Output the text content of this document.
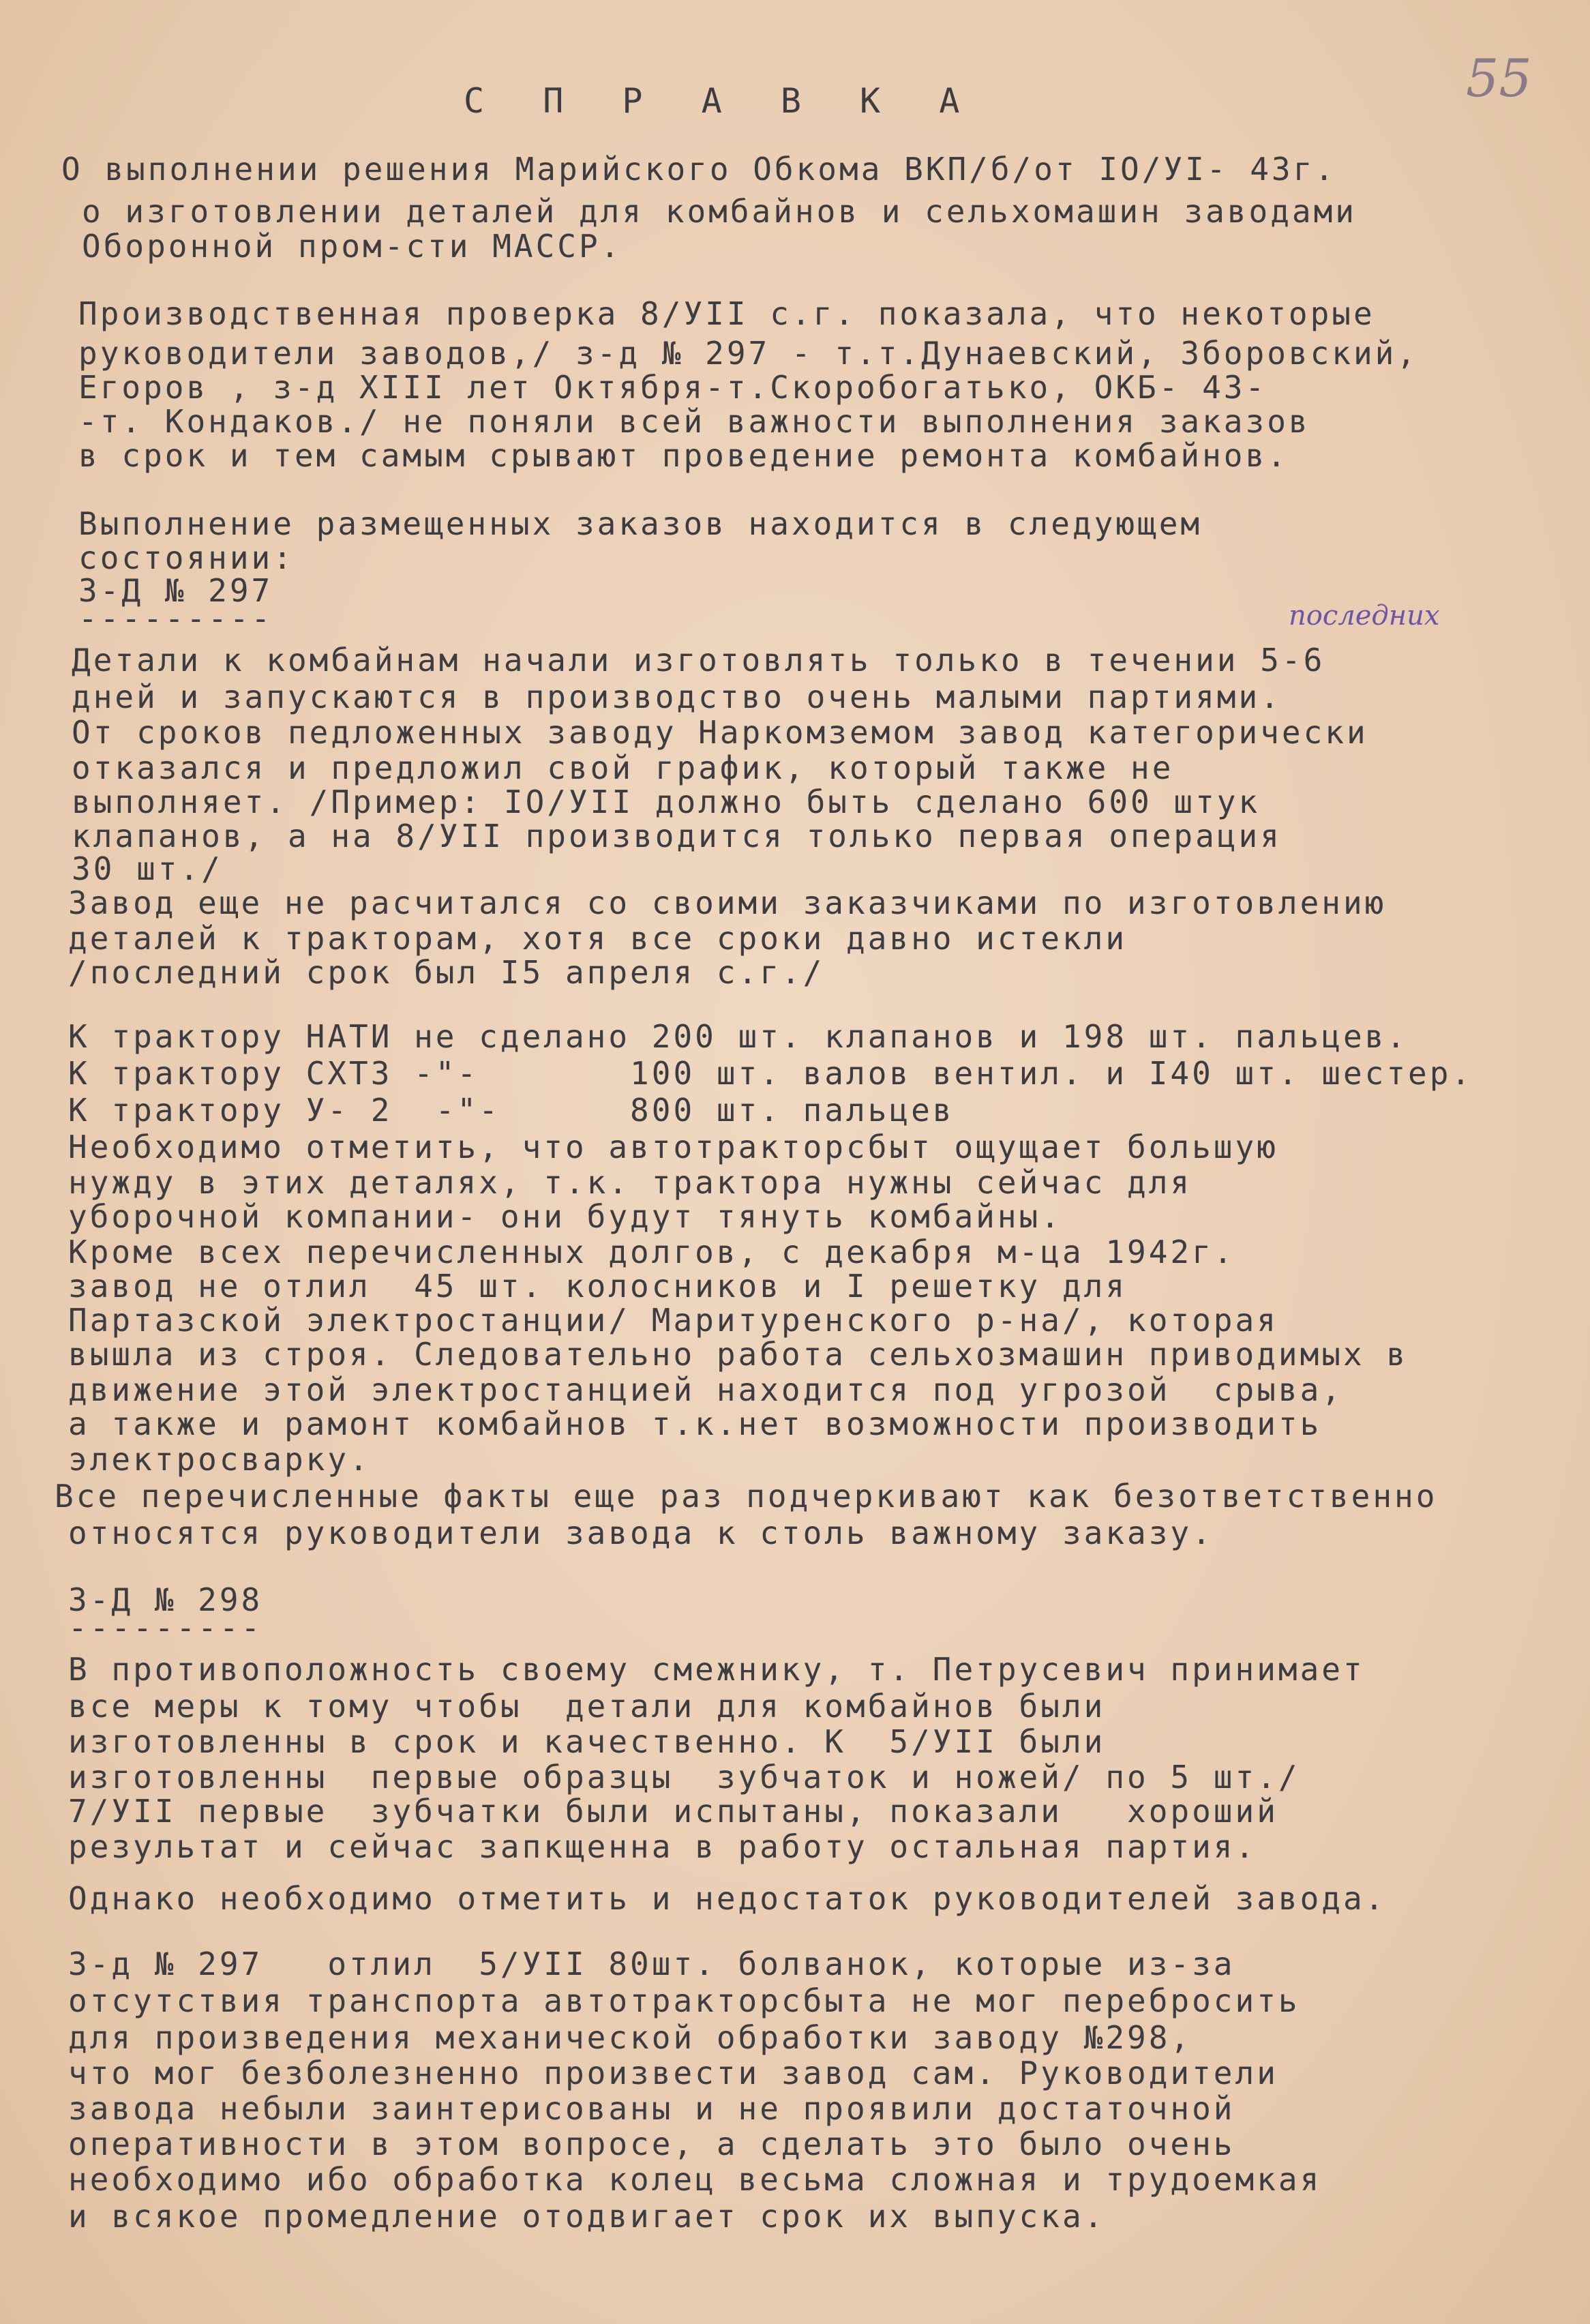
55
С П Р А В К А
О выполнении решения Марийского Обкома ВКП/б/от IO/УI- 43г.
о изготовлении деталей для комбайнов и сельхомашин заводами
Оборонной пром-сти МАССР.
Производственная проверка 8/УII с.г. показала, что некоторые
руководители заводов,/ з-д № 297 - т.т.Дунаевский, Зборовский,
Егоров , з-д XIII лет Октября-т.Скоробогатько, ОКБ- 43-
-т. Кондаков./ не поняли всей важности выполнения заказов
в срок и тем самым срывают проведение ремонта комбайнов.
Выполнение размещенных заказов находится в следующем
состоянии:
З-Д № 297
---------	последних
Детали к комбайнам начали изготовлять только в течении 5-6
дней и запускаются в производство очень малыми партиями.
От сроков педложенных заводу Наркомземом завод категорически
отказался и предложил свой график, который также не
выполняет. /Пример: IO/УII должно быть сделано 600 штук
клапанов, а на 8/УII производится только первая операция
30 шт./
Завод еще не расчитался со своими заказчиками по изготовлению
деталей к тракторам, хотя все сроки давно истекли
/последний срок был I5 апреля с.г./
К трактору НАТИ не сделано 200 шт. клапанов и 198 шт. пальцев.
К трактору СХТЗ -"-       100 шт. валов вентил. и I40 шт. шестер.
К трактору У- 2  -"-      800 шт. пальцев
Необходимо отметить, что автотракторсбыт ощущает большую
нужду в этих деталях, т.к. трактора нужны сейчас для
уборочной компании- они будут тянуть комбайны.
Кроме всех перечисленных долгов, с декабря м-ца 1942г.
завод не отлил  45 шт. колосников и I решетку для
Партазской электростанции/ Маритуренского р-на/, которая
вышла из строя. Следовательно работа сельхозмашин приводимых в
движение этой электростанцией находится под угрозой  срыва,
а также и рамонт комбайнов т.к.нет возможности производить
электросварку.
Все перечисленные факты еще раз подчеркивают как безответственно
относятся руководители завода к столь важному заказу.
З-Д № 298
---------
В противоположность своему смежнику, т. Петрусевич принимает
все меры к тому чтобы  детали для комбайнов были
изготовленны в срок и качественно. К  5/УII были
изготовленны  первые образцы  зубчаток и ножей/ по 5 шт./
7/УII первые  зубчатки были испытаны, показали   хороший
результат и сейчас запкщенна в работу остальная партия.
Однако необходимо отметить и недостаток руководителей завода.
З-д № 297   отлил  5/УII 80шт. болванок, которые из-за
отсутствия транспорта автотракторсбыта не мог перебросить
для произведения механической обработки заводу №298,
что мог безболезненно произвести завод сам. Руководители
завода небыли заинтерисованы и не проявили достаточной
оперативности в этом вопросе, а сделать это было очень
необходимо ибо обработка колец весьма сложная и трудоемкая
и всякое промедление отодвигает срок их выпуска.
